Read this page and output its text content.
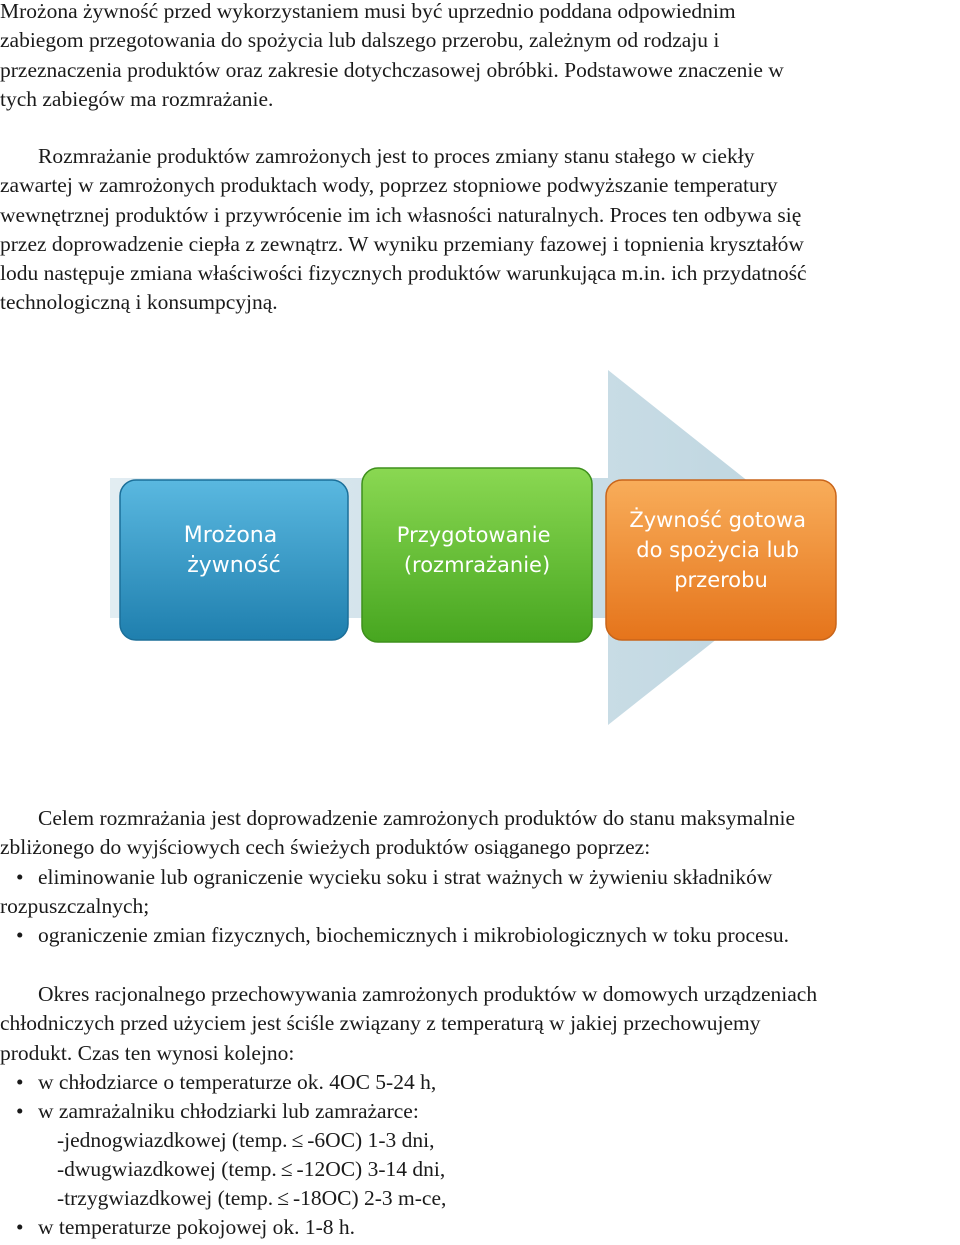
Mrożona żywność przed wykorzystaniem musi być uprzednio poddana odpowiednim
zabiegom przegotowania do spożycia lub dalszego przerobu, zależnym od rodzaju i
przeznaczenia produktów oraz zakresie dotychczasowej obróbki. Podstawowe znaczenie w
tych zabiegów ma rozmrażanie.
Rozmrażanie produktów zamrożonych jest to proces zmiany stanu stałego w ciekły
zawartej w zamrożonych produktach wody, poprzez stopniowe podwyższanie temperatury
wewnętrznej produktów i przywrócenie im ich własności naturalnych. Proces ten odbywa się
przez doprowadzenie ciepła z zewnątrz. W wyniku przemiany fazowej i topnienia kryształów
lodu następuje zmiana właściwości fizycznych produktów warunkująca m.in. ich przydatność
technologiczną i konsumpcyjną.
Mrożona żywność
Przygotowanie (rozmrażanie)
Żywność gotowa do spożycia lub przerobu
Celem rozmrażania jest doprowadzenie zamrożonych produktów do stanu maksymalnie
zbliżonego do wyjściowych cech świeżych produktów osiąganego poprzez:
• eliminowanie lub ograniczenie wycieku soku i strat ważnych w żywieniu składników
rozpuszczalnych;
• ograniczenie zmian fizycznych, biochemicznych i mikrobiologicznych w toku procesu.
Okres racjonalnego przechowywania zamrożonych produktów w domowych urządzeniach
chłodniczych przed użyciem jest ściśle związany z temperaturą w jakiej przechowujemy
produkt. Czas ten wynosi kolejno:
• w chłodziarce o temperaturze ok. 4OC 5-24 h,
• w zamrażalniku chłodziarki lub zamrażarce:
-jednogwiazdkowej (temp. ≤ -6OC) 1-3 dni,
-dwugwiazdkowej (temp. ≤ -12OC) 3-14 dni,
-trzygwiazdkowej (temp. ≤ -18OC) 2-3 m-ce,
• w temperaturze pokojowej ok. 1-8 h.
